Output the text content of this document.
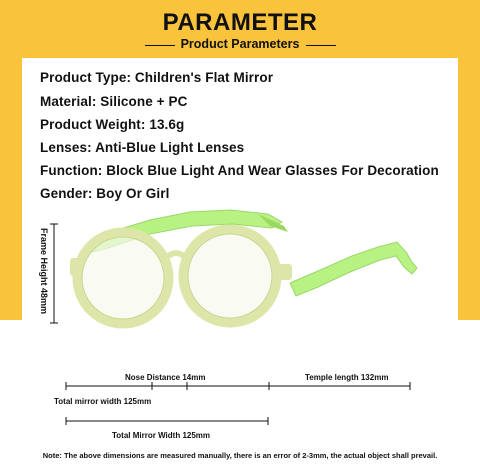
PARAMETER
Product Parameters
Product Type: Children's Flat Mirror
Material: Silicone + PC
Product Weight: 13.6g
Lenses: Anti-Blue Light Lenses
Function: Block Blue Light And Wear Glasses For Decoration
Gender: Boy Or Girl
Frame Height 48mm
Nose Distance 14mm	Temple length 132mm
Total mirror width 125mm
Total Mirror Width 125mm
Note: The above dimensions are measured manually, there is an error of 2-3mm, the actual object shall prevail.
